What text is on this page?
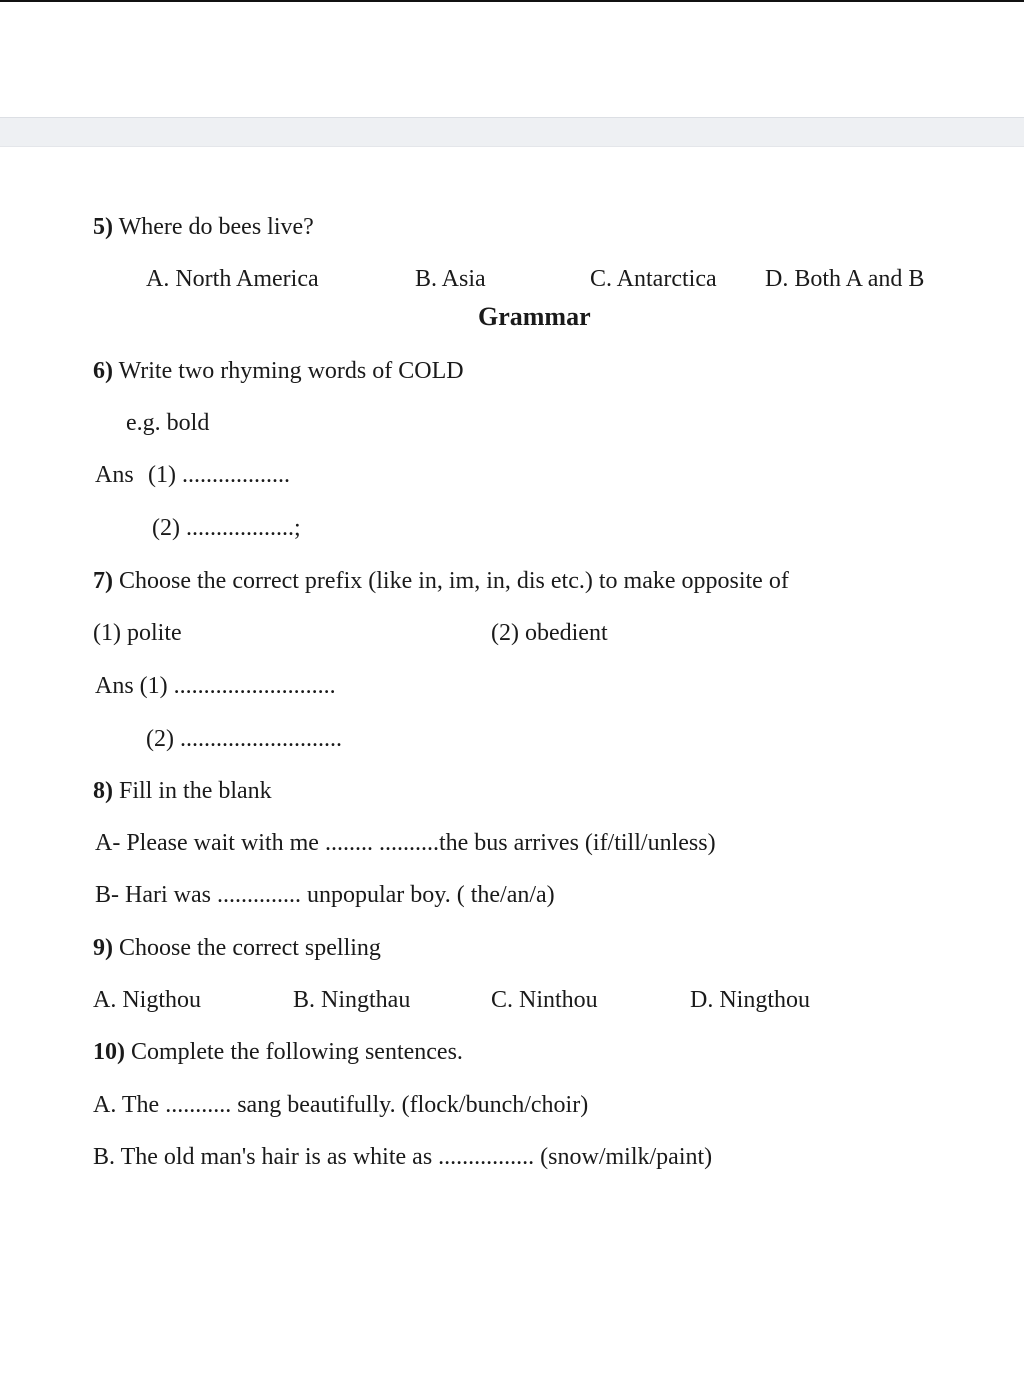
5) Where do bees live?
A. North America	B. Asia	C. Antarctica D. Both A and B
Grammar
6) Write two rhyming words of COLD
e.g. bold
Ans (1) ..................
(2) ..................;
7) Choose the correct prefix (like in, im, in, dis etc.) to make opposite of
(1) polite	(2) obedient
Ans (1) ...........................
(2) ...........................
8) Fill in the blank
A- Please wait with me ........ ..........the bus arrives (if/till/unless)
B- Hari was .............. unpopular boy. ( the/an/a)
9) Choose the correct spelling
A. Nigthou	B. Ningthau	C. Ninthou	D. Ningthou
10) Complete the following sentences.
A. The ........... sang beautifully. (flock/bunch/choir)
B. The old man's hair is as white as ................ (snow/milk/paint)
